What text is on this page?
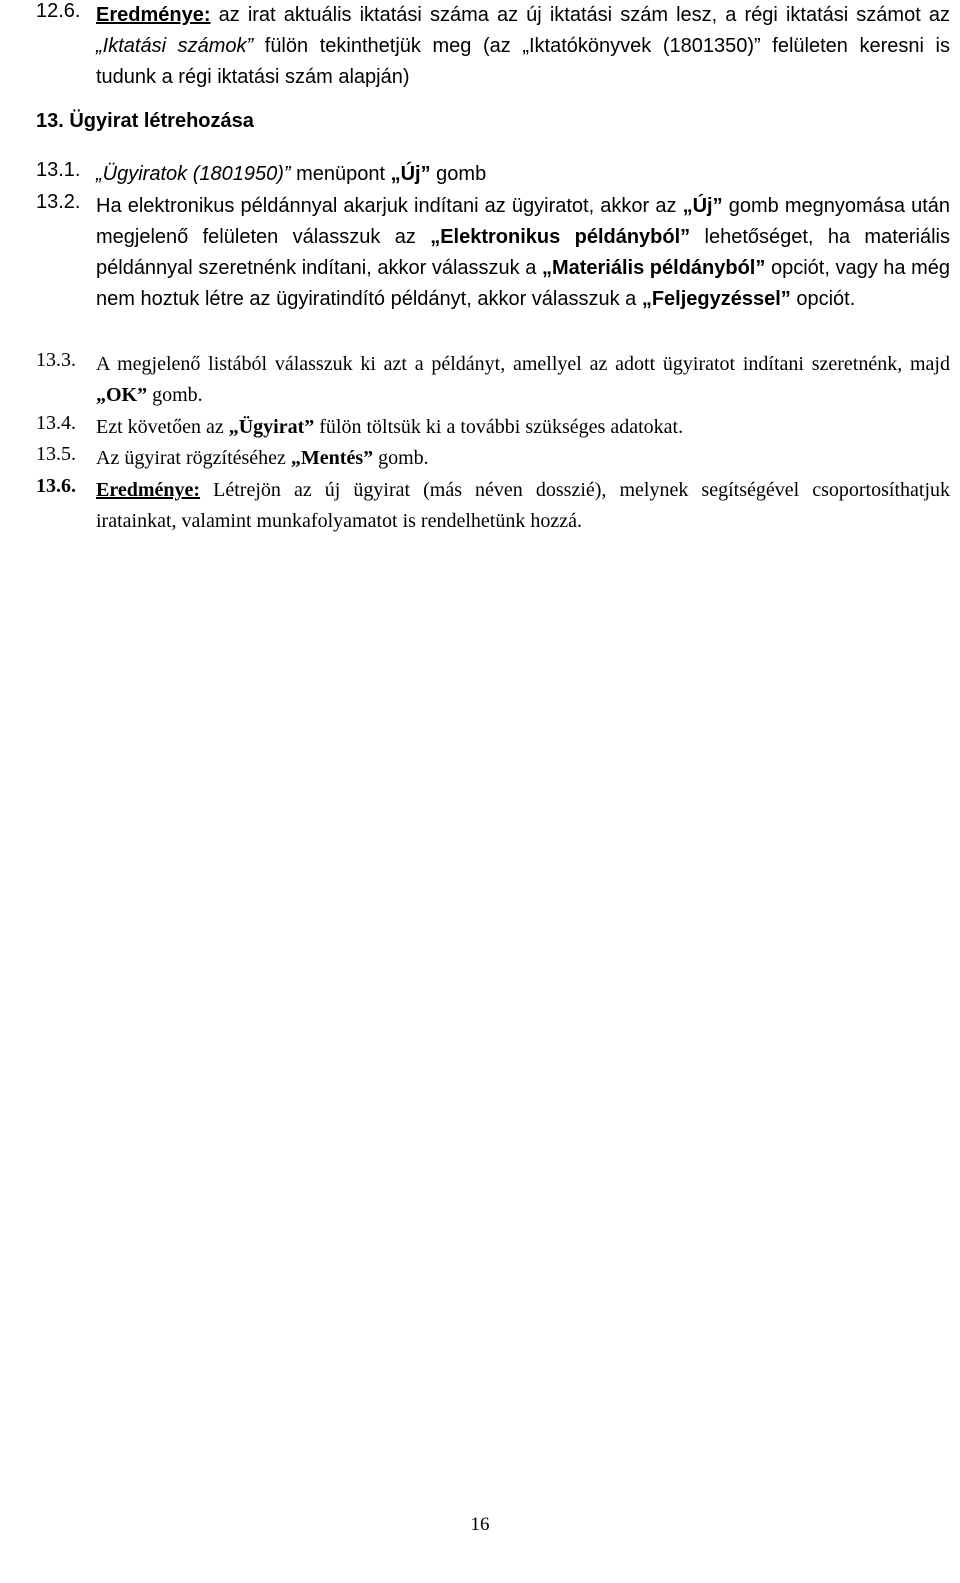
12.6. Eredménye: az irat aktuális iktatási száma az új iktatási szám lesz, a régi iktatási számot az „Iktatási számok” fülön tekinthetjük meg (az „Iktatókönyvek (1801350)” felületen keresni is tudunk a régi iktatási szám alapján)
13. Ügyirat létrehozása
13.1. „Ügyiratok (1801950)” menüpont „Új” gomb
13.2. Ha elektronikus példánnyal akarjuk indítani az ügyiratot, akkor az „Új” gomb megnyomása után megjelenő felületen válasszuk az „Elektronikus példányból” lehetőséget, ha materiális példánnyal szeretnénk indítani, akkor válasszuk a „Materiális példányból” opciót, vagy ha még nem hoztuk létre az ügyiratindító példányt, akkor válasszuk a „Feljegyzéssel” opciót.
13.3.	A megjelenő listából válasszuk ki azt a példányt, amellyel az adott ügyiratot indítani szeretnénk, majd „OK” gomb.
13.4.	Ezt követően az „Ügyirat” fülön töltsük ki a további szükséges adatokat.
13.5.	Az ügyirat rögzítéséhez „Mentés” gomb.
13.6.	Eredménye: Létrejön az új ügyirat (más néven dosszié), melynek segítségével csoportosíthatjuk iratainkat, valamint munkafolyamatot is rendelhetünk hozzá.
16
